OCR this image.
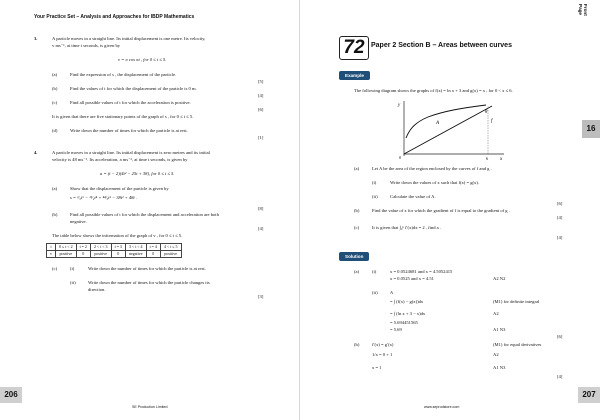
Your Practice Set – Analysis and Approaches for IBDP Mathematics
3.	A particle moves in a straight line. Its initial displacement is one metre. Its velocity,
v ms⁻¹, at time t seconds, is given by
v = π cos πt , for 0 ≤ t ≤ 5.
(a)	Find the expression of s , the displacement of the particle.
[5]
(b)	Find the values of t for which the displacement of the particle is 0 m.
[4]
(c)	Find all possible values of t for which the acceleration is positive.
[6]
It is given that there are five stationary points of the graph of s , for 0 ≤ t ≤ 5.
(d)	Write down the number of times for which the particle is at rest.
[1]
4.	A particle moves in a straight line. Its initial displacement is zero metres and its initial
velocity is 48 ms⁻¹. Its acceleration, a ms⁻², at time t seconds, is given by
a = (t − 2)(4t² − 25t + 38), for 0 ≤ t ≤ 5.
(a)	Show that the displacement of the particle is given by
s = ¹⁄₅t⁵ − ¹³⁄₄t⁴ + ⁴⁴⁄₃t³ − 38t² + 48t .
[8]
(b)	Find all possible values of t for which the displacement and acceleration are both
negative.
[4]
The table below shows the information of the graph of v , for 0 ≤ t ≤ 5.
t	0 ≤ t < 2	t = 2	2 < t < 3	t = 3	3 < t < 4	t = 4	4 < t ≤ 5
v	positive	0	positive	0	negative	0	positive
(c)	(i)	Write down the number of times for which the particle is at rest.
(ii)	Write down the number of times for which the particle changes its
direction.
[3]
206
SE Production Limited
Front Page
72 Paper 2 Section B – Areas between curves
Example
The following diagram shows the graphs of f(x) = ln x + 3 and g(x) = x , for 0 < x ≤ 6.
y
x
g
f
A
0	6
(a)	Let A be the area of the region enclosed by the curves of f and g .
(i)	Write down the values of x such that f(x) = g(x).
(ii)	Calculate the value of A .
[6]
(b)	Find the value of x for which the gradient of f is equal to the gradient of g .
[4]
(c)	It is given that ∫₀ᵏ f′(x)dx = 2 , find a .
[4]
Solution
(a)	(i)	x = 0.0524681 and x = 4.5052415
x = 0.0525 and x = 4.51	A2 N2
(ii)	A
= ∫ (f(x) − g(x))dx	(M1) for definite integral
= ∫ (ln x + 3 − x)dx	A2
= 5.694451565
= 5.69	A1 N3
[6]
(b)	f′(x) = g′(x)	(M1) for equal derivatives
1/x = 0 + 1	A2
x = 1	A1 N3
[4]
16
207
www.seprodstore.com
